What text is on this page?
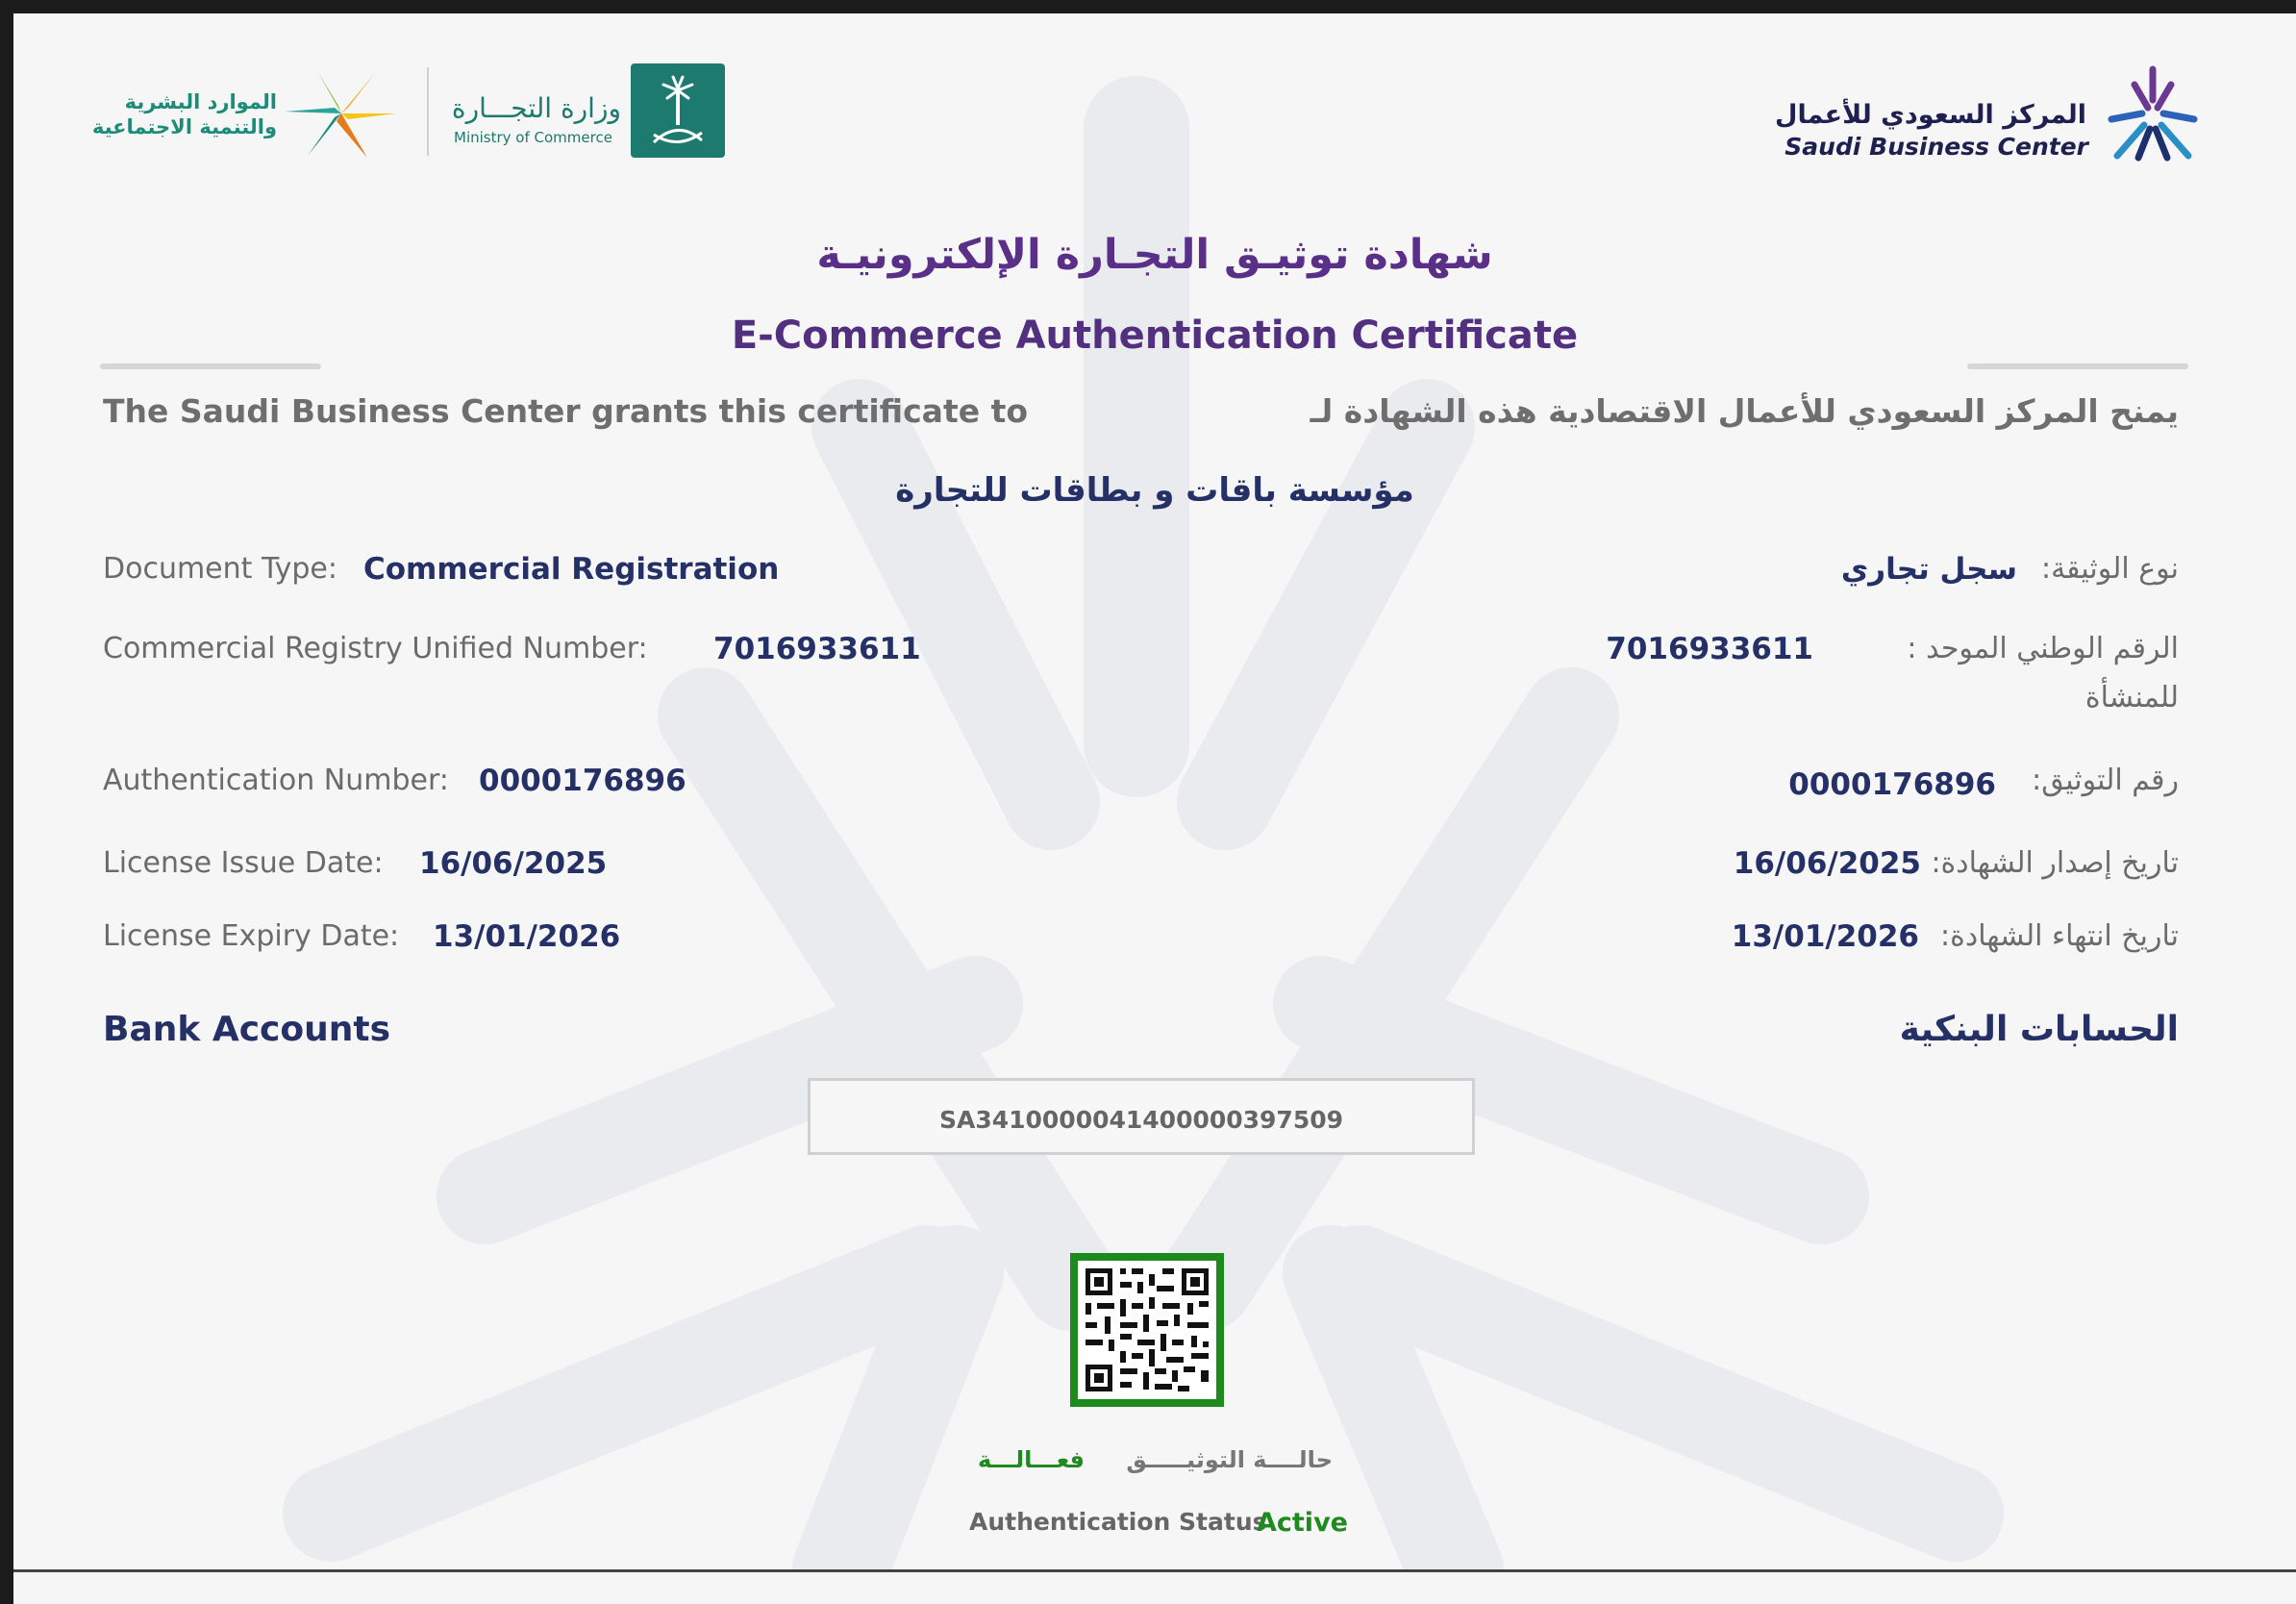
المركز السعودي للأعمال
Saudi Business Center
وزارة التجـــارة
Ministry of Commerce
الموارد البشرية
والتنمية الاجتماعية
شهادة توثيـق التجـارة الإلكترونيـة
E-Commerce Authentication Certificate
The Saudi Business Center grants this certificate to	يمنح المركز السعودي للأعمال الاقتصادية هذه الشهادة لـ
مؤسسة باقات و بطاقات للتجارة
Document Type: Commercial Registration
Commercial Registry Unified Number: 7016933611
Authentication Number: 0000176896
License Issue Date: 16/06/2025
License Expiry Date: 13/01/2026
نوع الوثيقة:
سجل تجاري
الرقم الوطني الموحد :
للمنشأة
7016933611
رقم التوثيق:
0000176896
تاريخ إصدار الشهادة:
16/06/2025
تاريخ انتهاء الشهادة:
13/01/2026
Bank Accounts	الحسابات البنكية
SA3410000041400000397509
حالــــة التوثيـــــق
فعـــالـــة
Authentication Status
Active
